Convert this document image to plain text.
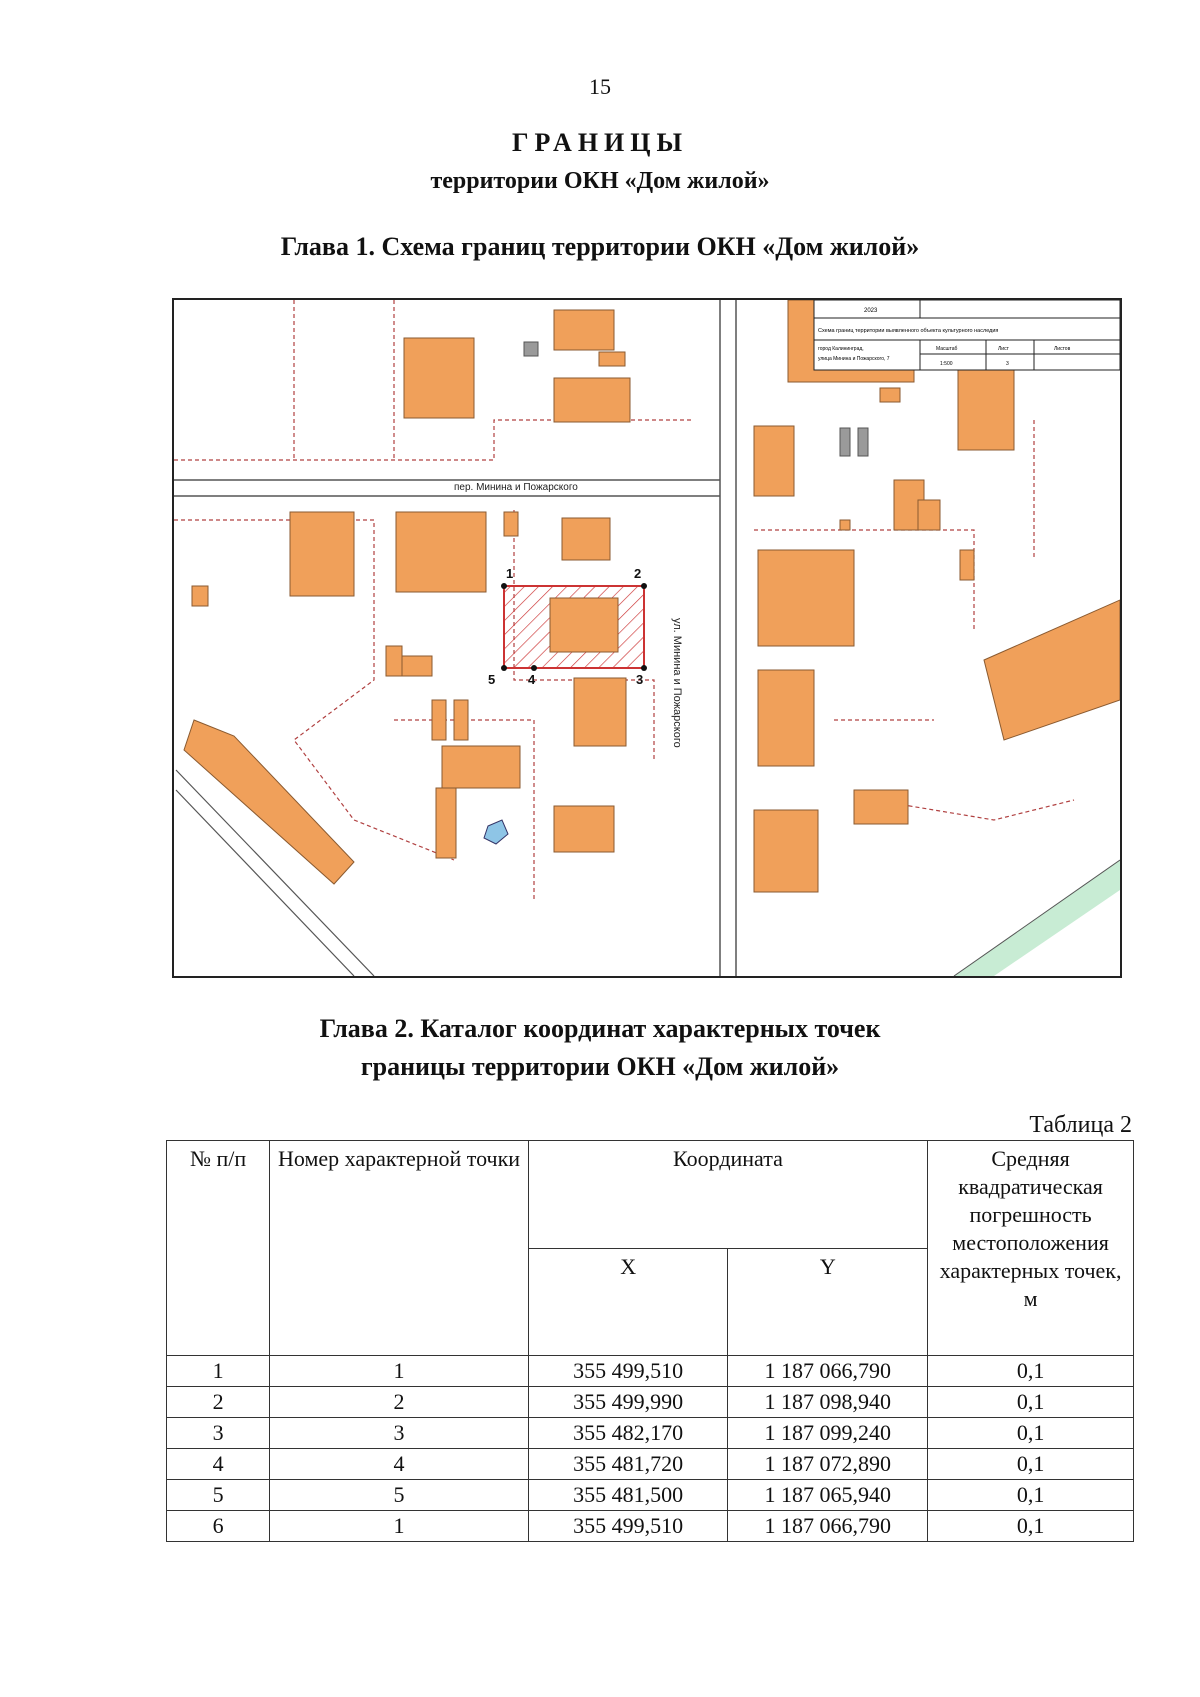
15
ГРАНИЦЫ
территории ОКН «Дом жилой»
Глава 1. Схема границ территории ОКН «Дом жилой»
1	2
3
4
5
пер. Минина и Пожарского
ул. Минина и Пожарского
2023
Схема границ территории выявленного объекта культурного наследия
город Калининград,
улица Минина и Пожарского, 7
Масштаб	Лист	Листов
1:500	3
Глава 2. Каталог координат характерных точек
границы территории ОКН «Дом жилой»
Таблица 2
№ п/п	Номер характерной точки	Координата		Средняя квадратическая погрешность местоположения характерных точек, м
		X	Y	
1	1	355 499,510	1 187 066,790	0,1
2	2	355 499,990	1 187 098,940	0,1
3	3	355 482,170	1 187 099,240	0,1
4	4	355 481,720	1 187 072,890	0,1
5	5	355 481,500	1 187 065,940	0,1
6	1	355 499,510	1 187 066,790	0,1
